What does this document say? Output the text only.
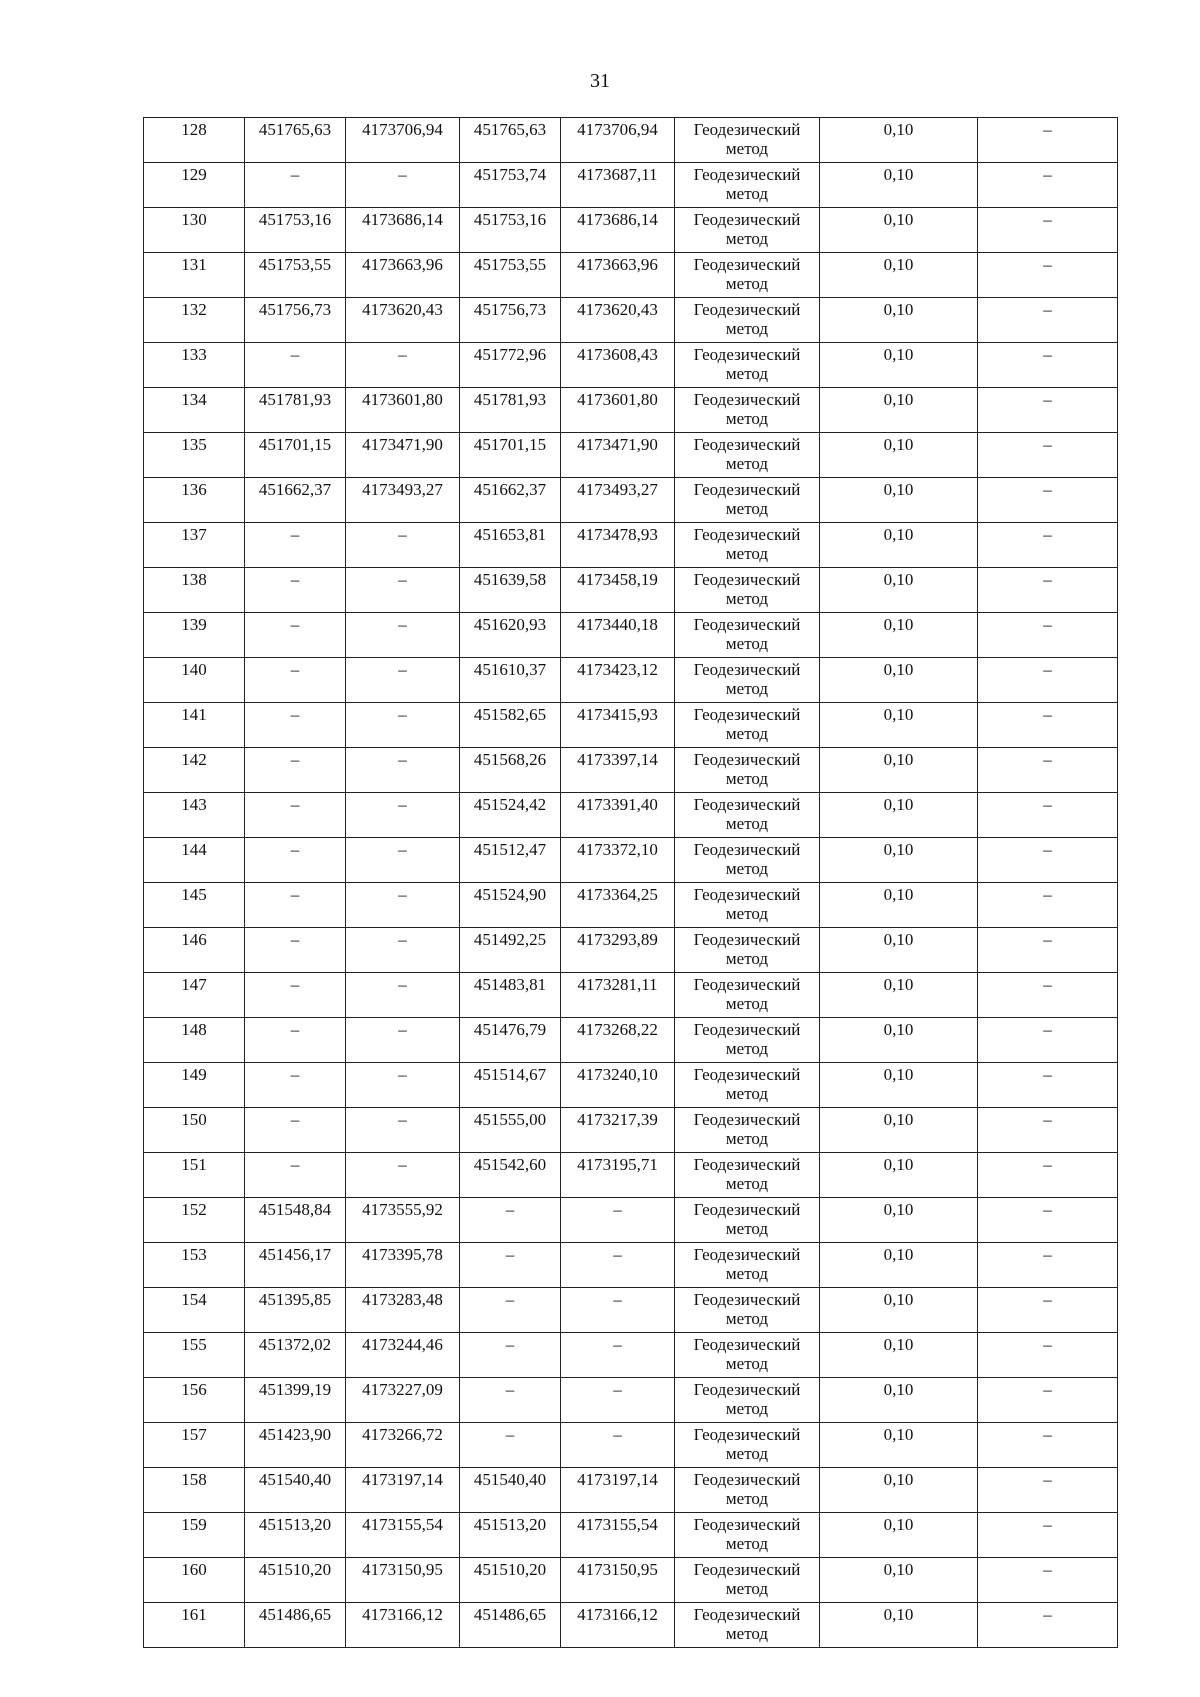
31
128	451765,63	4173706,94	451765,63	4173706,94	Геодезический метод	0,10	–
129	–	–	451753,74	4173687,11	Геодезический метод	0,10	–
130	451753,16	4173686,14	451753,16	4173686,14	Геодезический метод	0,10	–
131	451753,55	4173663,96	451753,55	4173663,96	Геодезический метод	0,10	–
132	451756,73	4173620,43	451756,73	4173620,43	Геодезический метод	0,10	–
133	–	–	451772,96	4173608,43	Геодезический метод	0,10	–
134	451781,93	4173601,80	451781,93	4173601,80	Геодезический метод	0,10	–
135	451701,15	4173471,90	451701,15	4173471,90	Геодезический метод	0,10	–
136	451662,37	4173493,27	451662,37	4173493,27	Геодезический метод	0,10	–
137	–	–	451653,81	4173478,93	Геодезический метод	0,10	–
138	–	–	451639,58	4173458,19	Геодезический метод	0,10	–
139	–	–	451620,93	4173440,18	Геодезический метод	0,10	–
140	–	–	451610,37	4173423,12	Геодезический метод	0,10	–
141	–	–	451582,65	4173415,93	Геодезический метод	0,10	–
142	–	–	451568,26	4173397,14	Геодезический метод	0,10	–
143	–	–	451524,42	4173391,40	Геодезический метод	0,10	–
144	–	–	451512,47	4173372,10	Геодезический метод	0,10	–
145	–	–	451524,90	4173364,25	Геодезический метод	0,10	–
146	–	–	451492,25	4173293,89	Геодезический метод	0,10	–
147	–	–	451483,81	4173281,11	Геодезический метод	0,10	–
148	–	–	451476,79	4173268,22	Геодезический метод	0,10	–
149	–	–	451514,67	4173240,10	Геодезический метод	0,10	–
150	–	–	451555,00	4173217,39	Геодезический метод	0,10	–
151	–	–	451542,60	4173195,71	Геодезический метод	0,10	–
152	451548,84	4173555,92	–	–	Геодезический метод	0,10	–
153	451456,17	4173395,78	–	–	Геодезический метод	0,10	–
154	451395,85	4173283,48	–	–	Геодезический метод	0,10	–
155	451372,02	4173244,46	–	–	Геодезический метод	0,10	–
156	451399,19	4173227,09	–	–	Геодезический метод	0,10	–
157	451423,90	4173266,72	–	–	Геодезический метод	0,10	–
158	451540,40	4173197,14	451540,40	4173197,14	Геодезический метод	0,10	–
159	451513,20	4173155,54	451513,20	4173155,54	Геодезический метод	0,10	–
160	451510,20	4173150,95	451510,20	4173150,95	Геодезический метод	0,10	–
161	451486,65	4173166,12	451486,65	4173166,12	Геодезический метод	0,10	–
